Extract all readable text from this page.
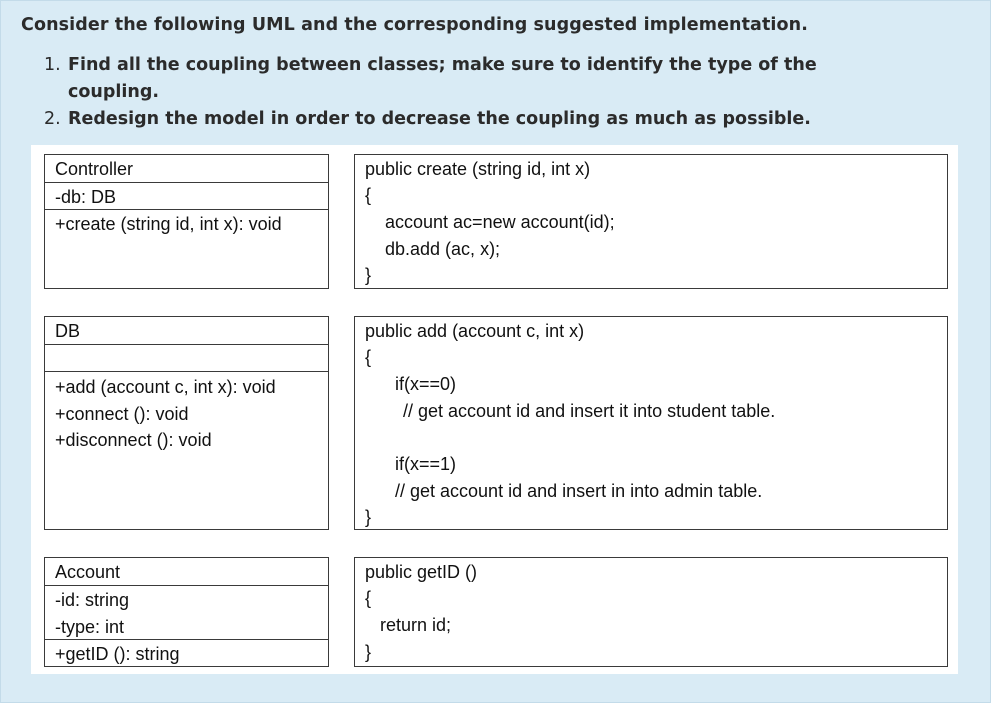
Consider the following UML and the corresponding suggested implementation.
1. Find all the coupling between classes; make sure to identify the type of the coupling.
2. Redesign the model in order to decrease the coupling as much as possible.
Controller
-db: DB
+create (string id, int x): void
public create (string id, int x)
{
account ac=new account(id);
db.add (ac, x);
}
DB
+add (account c, int x): void
+connect (): void
+disconnect (): void
public add (account c, int x)
{
if(x==0)
// get account id and insert it into student table.
if(x==1)
// get account id and insert in into admin table.
}
Account
-id: string
-type: int
+getID (): string
public getID ()
{
return id;
}
